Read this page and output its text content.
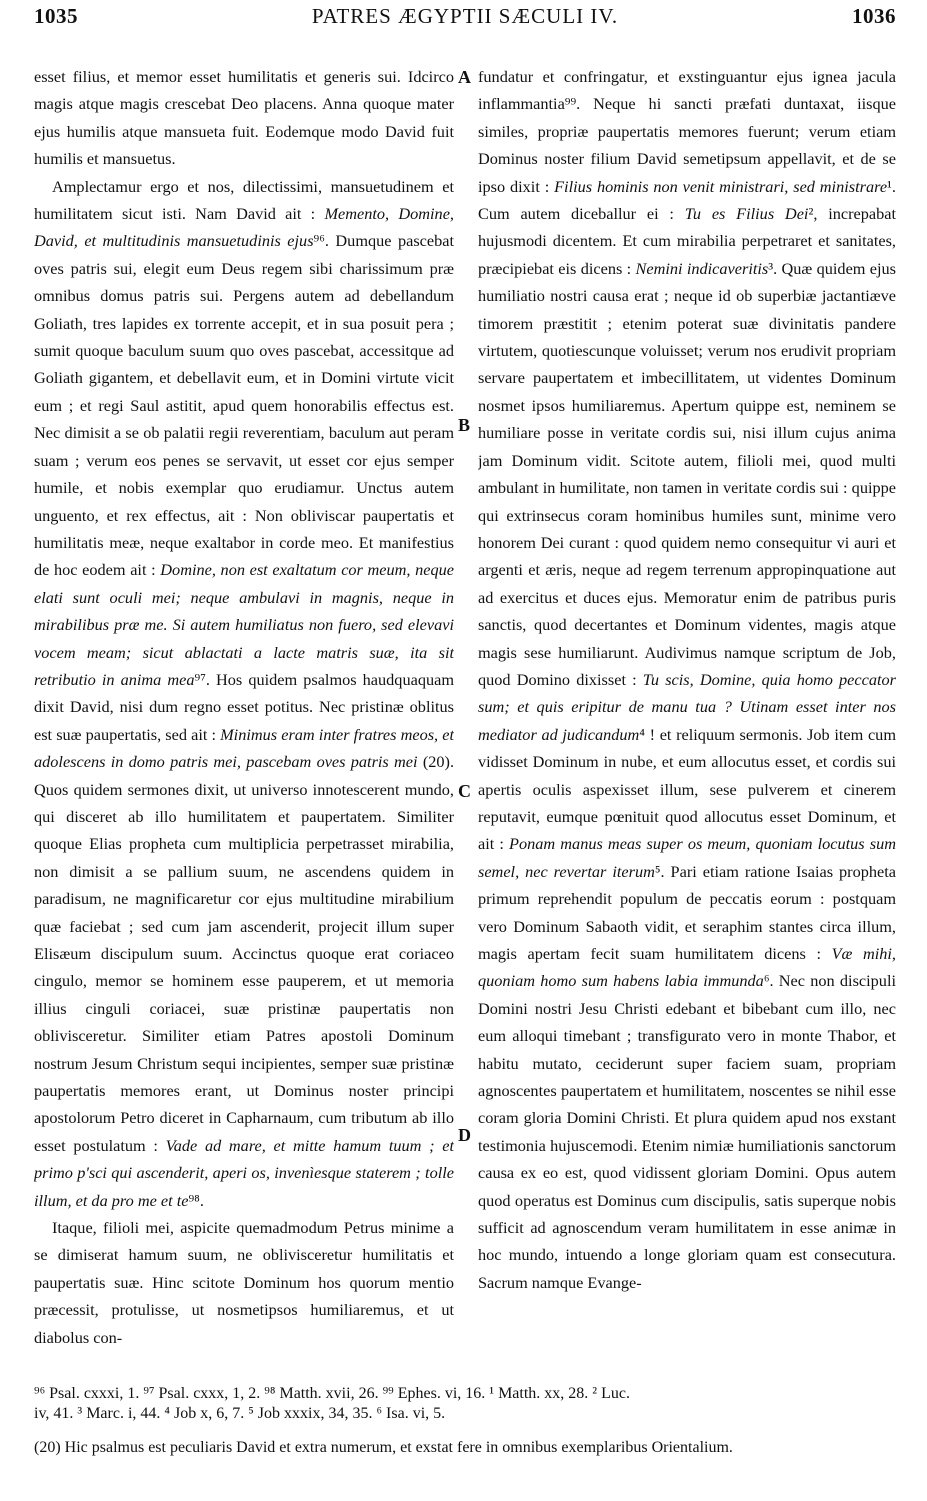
1035	PATRES ÆGYPTII SÆCULI IV.	1036
A
B
C
D

esset filius, et memor esset humilitatis et generis sui. Idcirco magis atque magis crescebat Deo placens. Anna quoque mater ejus humilis atque mansueta fuit. Eodemque modo David fuit humilis et mansuetus.

Amplectamur ergo et nos, dilectissimi, mansuetudinem et humilitatem sicut isti. Nam David ait : Memento, Domine, David, et multitudinis mansuetudinis ejus⁹⁶. Dumque pascebat oves patris sui, elegit eum Deus regem sibi charissimum præ omnibus domus patris sui. Pergens autem ad debellandum Goliath, tres lapides ex torrente accepit, et in sua posuit pera ; sumit quoque baculum suum quo oves pascebat, accessitque ad Goliath gigantem, et debellavit eum, et in Domini virtute vicit eum ; et regi Saul astitit, apud quem honorabilis effectus est. Nec dimisit a se ob palatii regii reverentiam, baculum aut peram suam ; verum eos penes se servavit, ut esset cor ejus semper humile, et nobis exemplar quo erudiamur. Unctus autem unguento, et rex effectus, ait : Non obliviscar paupertatis et humilitatis meæ, neque exaltabor in corde meo. Et manifestius de hoc eodem ait : Domine, non est exaltatum cor meum, neque elati sunt oculi mei; neque ambulavi in magnis, neque in mirabilibus præ me. Si autem humiliatus non fuero, sed elevavi vocem meam; sicut ablactati a lacte matris suæ, ita sit retributio in anima mea⁹⁷. Hos quidem psalmos haudquaquam dixit David, nisi dum regno esset potitus. Nec pristinæ oblitus est suæ paupertatis, sed ait : Minimus eram inter fratres meos, et adolescens in domo patris mei, pascebam oves patris mei (20). Quos quidem sermones dixit, ut universo innotescerent mundo, qui disceret ab illo humilitatem et paupertatem. Similiter quoque Elias propheta cum multiplicia perpetrasset mirabilia, non dimisit a se pallium suum, ne ascendens quidem in paradisum, ne magnificaretur cor ejus multitudine mirabilium quæ faciebat ; sed cum jam ascenderit, projecit illum super Elisæum discipulum suum. Accinctus quoque erat coriaceo cingulo, memor se hominem esse pauperem, et ut memoria illius cinguli coriacei, suæ pristinæ paupertatis non oblivisceretur. Similiter etiam Patres apostoli Dominum nostrum Jesum Christum sequi incipientes, semper suæ pristinæ paupertatis memores erant, ut Dominus noster principi apostolorum Petro diceret in Capharnaum, cum tributum ab illo esset postulatum : Vade ad mare, et mitte hamum tuum ; et primo p'sci qui ascenderit, aperi os, invenìesque staterem ; tolle illum, et da pro me et te⁹⁸.

Itaque, filioli mei, aspicite quemadmodum Petrus minime a se dimiserat hamum suum, ne oblivisceretur humilitatis et paupertatis suæ. Hinc scitote Dominum hos quorum mentio præcessit, protulisse, ut nosmetipsos humiliaremus, et ut diabolus con-

fundatur et confringatur, et exstinguantur ejus ignea jacula inflammantia⁹⁹. Neque hi sancti præfati duntaxat, iisque similes, propriæ paupertatis memores fuerunt; verum etiam Dominus noster filium David semetipsum appellavit, et de se ipso dixit : Filius hominis non venit ministrari, sed ministrare¹. Cum autem diceballur ei : Tu es Filius Dei², increpabat hujusmodi dicentem. Et cum mirabilia perpetraret et sanitates, præcipiebat eis dicens : Nemini indicaveritis³. Quæ quidem ejus humiliatio nostri causa erat ; neque id ob superbiæ jactantiæve timorem præstitit ; etenim poterat suæ divinitatis pandere virtutem, quotiescunque voluisset; verum nos erudivit propriam servare paupertatem et imbecillitatem, ut videntes Dominum nosmet ipsos humiliaremus. Apertum quippe est, neminem se humiliare posse in veritate cordis sui, nisi illum cujus anima jam Dominum vidit. Scitote autem, filioli mei, quod multi ambulant in humilitate, non tamen in veritate cordis sui : quippe qui extrinsecus coram hominibus humiles sunt, minime vero honorem Dei curant : quod quidem nemo consequitur vi auri et argenti et æris, neque ad regem terrenum appropinquatione aut ad exercitus et duces ejus. Memoratur enim de patribus puris sanctis, quod decertantes et Dominum videntes, magis atque magis sese humiliarunt. Audivimus namque scriptum de Job, quod Domino dixisset : Tu scis, Domine, quia homo peccator sum; et quis eripitur de manu tua ? Utinam esset inter nos mediator ad judicandum⁴ ! et reliquum sermonis. Job item cum vidisset Dominum in nube, et eum allocutus esset, et cordis sui apertis oculis aspexisset illum, sese pulverem et cinerem reputavit, eumque pœnituit quod allocutus esset Dominum, et ait : Ponam manus meas super os meum, quoniam locutus sum semel, nec revertar iterum⁵. Pari etiam ratione Isaias propheta primum reprehendit populum de peccatis eorum : postquam vero Dominum Sabaoth vidit, et seraphim stantes circa illum, magis apertam fecit suam humilitatem dicens : Væ mihi, quoniam homo sum habens labia immunda⁶. Nec non discipuli Domini nostri Jesu Christi edebant et bibebant cum illo, nec eum alloqui timebant ; transfigurato vero in monte Thabor, et habitu mutato, ceciderunt super faciem suam, propriam agnoscentes paupertatem et humilitatem, noscentes se nihil esse coram gloria Domini Christi. Et plura quidem apud nos exstant testimonia hujuscemodi. Etenim nimiæ humiliationis sanctorum causa ex eo est, quod vidissent gloriam Domini. Opus autem quod operatus est Dominus cum discipulis, satis superque nobis sufficit ad agnoscendum veram humilitatem in esse animæ in hoc mundo, intuendo a longe gloriam quam est consecutura. Sacrum namque Evange-

⁹⁶ Psal. cxxxi, 1. ⁹⁷ Psal. cxxx, 1, 2. ⁹⁸ Matth. xvii, 26. ⁹⁹ Ephes. vi, 16. ¹ Matth. xx, 28. ² Luc.
iv, 41. ³ Marc. i, 44. ⁴ Job x, 6, 7. ⁵ Job xxxix, 34, 35. ⁶ Isa. vi, 5.
(20) Hic psalmus est peculiaris David et extra numerum, et exstat fere in omnibus exemplaribus Orientalium.
